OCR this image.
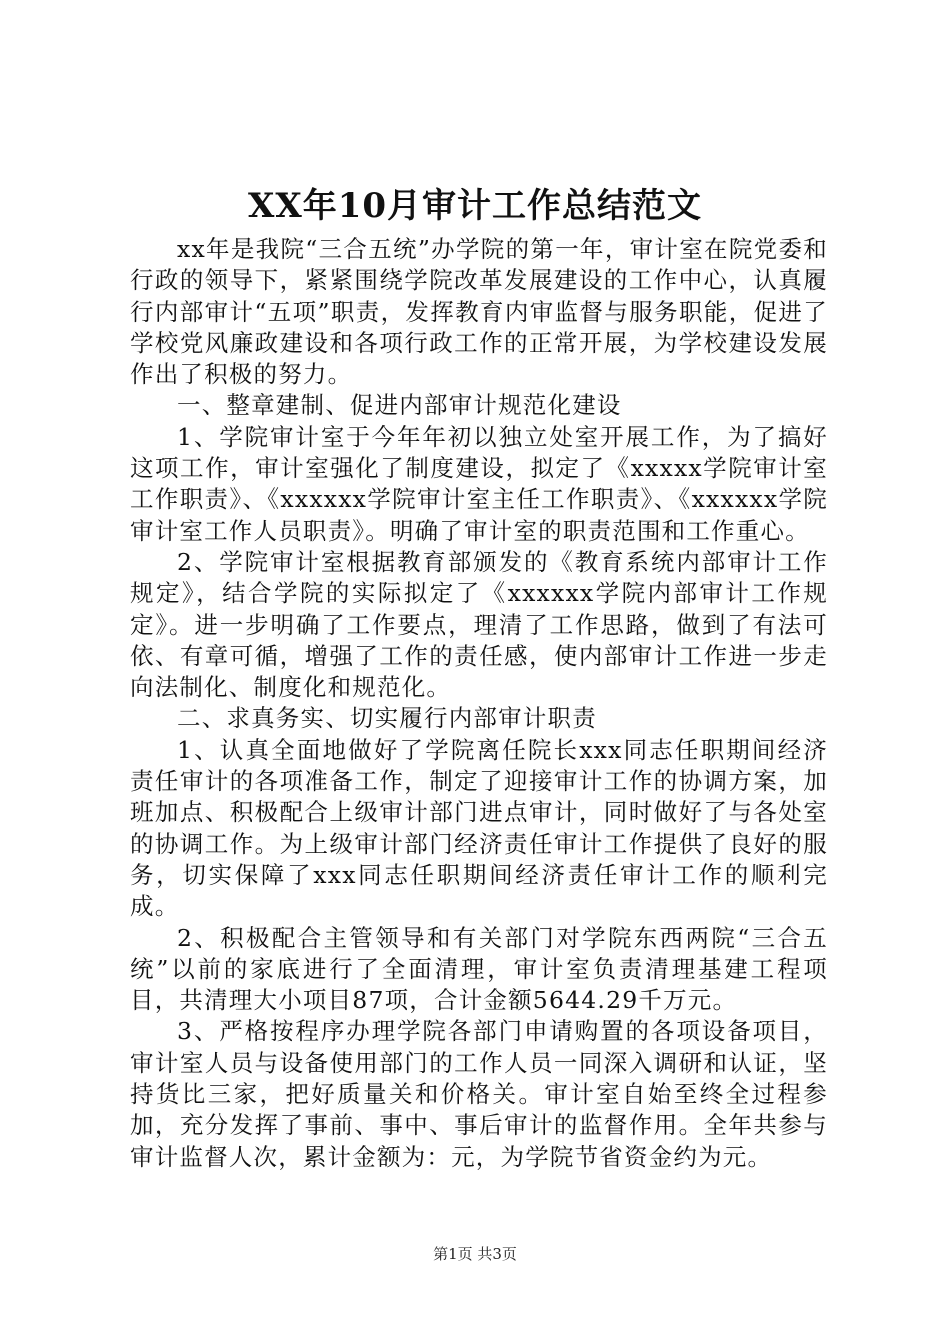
XX年10月审计工作总结范文

xx年是我院“三合五统”办学院的第一年，审计室在院党委和行政的领导下，紧紧围绕学院改革发展建设的工作中心，认真履行内部审计“五项”职责，发挥教育内审监督与服务职能，促进了学校党风廉政建设和各项行政工作的正常开展，为学校建设发展作出了积极的努力。

一、整章建制、促进内部审计规范化建设

1、学院审计室于今年年初以独立处室开展工作，为了搞好这项工作，审计室强化了制度建设，拟定了《xxxxx学院审计室工作职责》、《xxxxxx学院审计室主任工作职责》、《xxxxxx学院审计室工作人员职责》。明确了审计室的职责范围和工作重心。

2、学院审计室根据教育部颁发的《教育系统内部审计工作规定》，结合学院的实际拟定了《xxxxxx学院内部审计工作规定》。进一步明确了工作要点，理清了工作思路，做到了有法可依、有章可循，增强了工作的责任感，使内部审计工作进一步走向法制化、制度化和规范化。

二、求真务实、切实履行内部审计职责

1、认真全面地做好了学院离任院长xxx同志任职期间经济责任审计的各项准备工作，制定了迎接审计工作的协调方案，加班加点、积极配合上级审计部门进点审计，同时做好了与各处室的协调工作。为上级审计部门经济责任审计工作提供了良好的服务，切实保障了xxx同志任职期间经济责任审计工作的顺利完成。

2、积极配合主管领导和有关部门对学院东西两院“三合五统”以前的家底进行了全面清理，审计室负责清理基建工程项目，共清理大小项目87项，合计金额5644.29千万元。

3、严格按程序办理学院各部门申请购置的各项设备项目，审计室人员与设备使用部门的工作人员一同深入调研和认证，坚持货比三家，把好质量关和价格关。审计室自始至终全过程参加，充分发挥了事前、事中、事后审计的监督作用。全年共参与审计监督人次，累计金额为：元，为学院节省资金约为元。

第1页 共3页
